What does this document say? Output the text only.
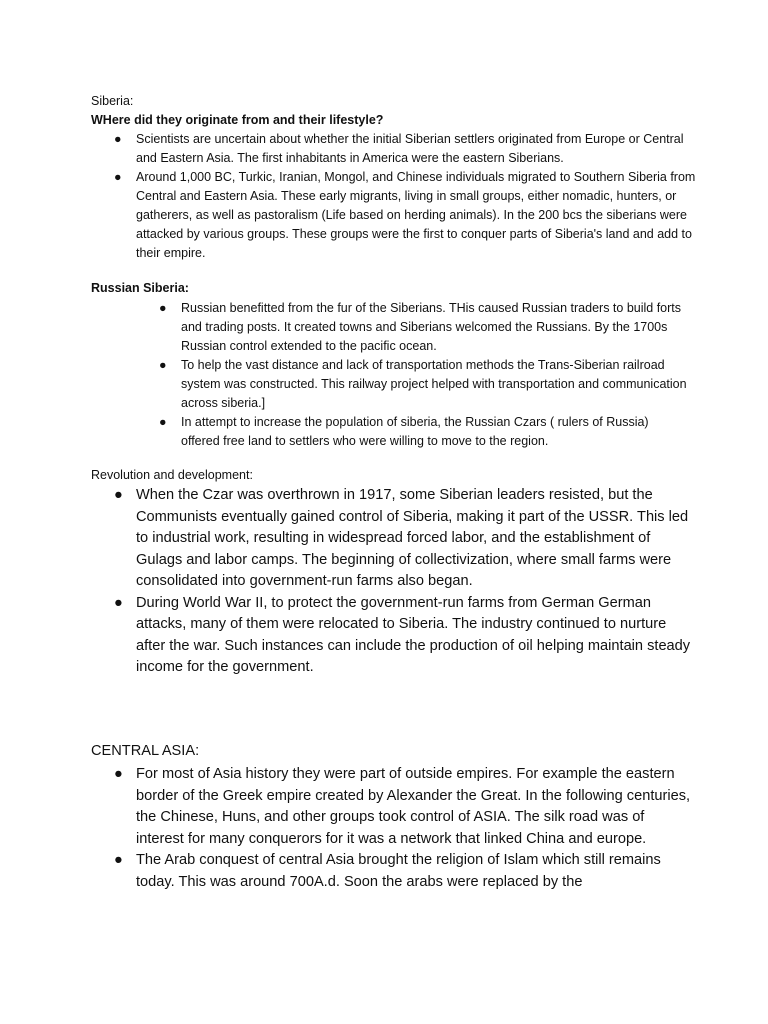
Siberia:
WHere did they originate from and their lifestyle?
● Scientists are uncertain about whether the initial Siberian settlers originated from Europe or Central and Eastern Asia. The first inhabitants in America were the eastern Siberians.
● Around 1,000 BC, Turkic, Iranian, Mongol, and Chinese individuals migrated to Southern Siberia from Central and Eastern Asia. These early migrants, living in small groups, either nomadic, hunters, or gatherers, as well as pastoralism (Life based on herding animals). In the 200 bcs the siberians were attacked by various groups. These groups were the first to conquer parts of Siberia's land and add to their empire.
Russian Siberia:
● Russian benefitted from the fur of the Siberians. THis caused Russian traders to build forts and trading posts. It created towns and Siberians welcomed the Russians. By the 1700s Russian control extended to the pacific ocean.
● To help the vast distance and lack of transportation methods the Trans-Siberian railroad system was constructed. This railway project helped with transportation and communication across siberia.]
● In attempt to increase the population of siberia, the Russian Czars ( rulers of Russia) offered free land to settlers who were willing to move to the region.
Revolution and development:
● When the Czar was overthrown in 1917, some Siberian leaders resisted, but the Communists eventually gained control of Siberia, making it part of the USSR. This led to industrial work, resulting in widespread forced labor, and the establishment of Gulags and labor camps. The beginning of collectivization, where small farms were consolidated into government-run farms also began.
● During World War II, to protect the government-run farms from German German attacks, many of them were relocated to Siberia. The industry continued to nurture after the war. Such instances can include the production of oil helping maintain steady income for the government.
CENTRAL ASIA:
● For most of Asia history they were part of outside empires. For example the eastern border of the Greek empire created by Alexander the Great. In the following centuries, the Chinese, Huns, and other groups took control of ASIA. The silk road was of interest for many conquerors for it was a network that linked China and europe.
● The Arab conquest of central Asia brought the religion of Islam which still remains today. This was around 700A.d. Soon the arabs were replaced by the
